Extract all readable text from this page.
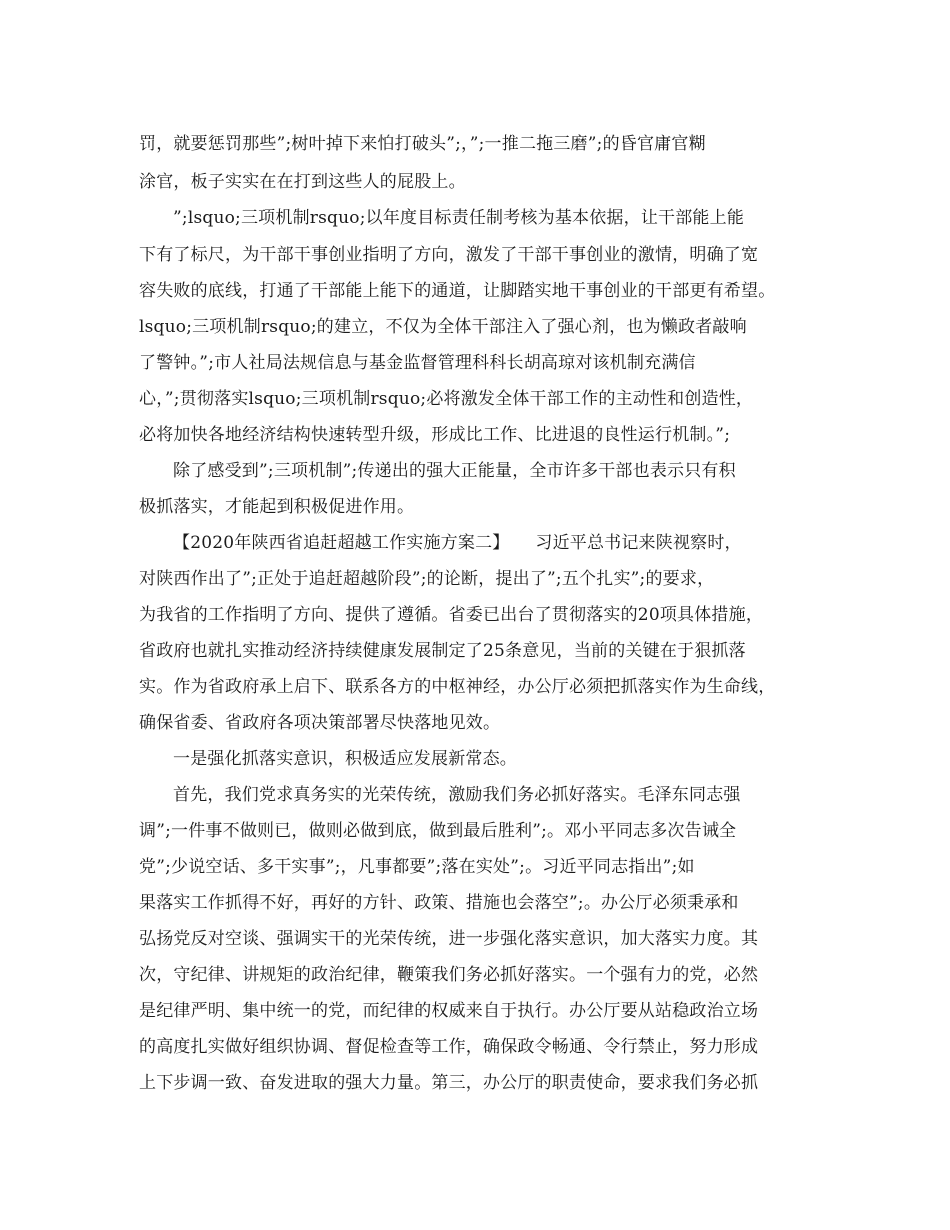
罚，就要惩罚那些”;树叶掉下来怕打破头”;，”;一推二拖三磨”;的昏官庸官糊

涂官，板子实实在在打到这些人的屁股上。

”;lsquo;三项机制rsquo;以年度目标责任制考核为基本依据，让干部能上能

下有了标尺，为干部干事创业指明了方向，激发了干部干事创业的激情，明确了宽

容失败的底线，打通了干部能上能下的通道，让脚踏实地干事创业的干部更有希望。

lsquo;三项机制rsquo;的建立，不仅为全体干部注入了强心剂，也为懒政者敲响

了警钟。”;市人社局法规信息与基金监督管理科科长胡高琼对该机制充满信

心，”;贯彻落实lsquo;三项机制rsquo;必将激发全体干部工作的主动性和创造性，

必将加快各地经济结构快速转型升级，形成比工作、比进退的良性运行机制。”;

除了感受到”;三项机制”;传递出的强大正能量，全市许多干部也表示只有积

极抓落实，才能起到积极促进作用。

【2020年陕西省追赶超越工作实施方案二】　　习近平总书记来陕视察时，

对陕西作出了”;正处于追赶超越阶段”;的论断，提出了”;五个扎实”;的要求，

为我省的工作指明了方向、提供了遵循。省委已出台了贯彻落实的20项具体措施，

省政府也就扎实推动经济持续健康发展制定了25条意见，当前的关键在于狠抓落

实。作为省政府承上启下、联系各方的中枢神经，办公厅必须把抓落实作为生命线，

确保省委、省政府各项决策部署尽快落地见效。

一是强化抓落实意识，积极适应发展新常态。

首先，我们党求真务实的光荣传统，激励我们务必抓好落实。毛泽东同志强

调”;一件事不做则已，做则必做到底，做到最后胜利”;。邓小平同志多次告诫全

党”;少说空话、多干实事”;，凡事都要”;落在实处”;。习近平同志指出”;如

果落实工作抓得不好，再好的方针、政策、措施也会落空”;。办公厅必须秉承和

弘扬党反对空谈、强调实干的光荣传统，进一步强化落实意识，加大落实力度。其

次，守纪律、讲规矩的政治纪律，鞭策我们务必抓好落实。一个强有力的党，必然

是纪律严明、集中统一的党，而纪律的权威来自于执行。办公厅要从站稳政治立场

的高度扎实做好组织协调、督促检查等工作，确保政令畅通、令行禁止，努力形成

上下步调一致、奋发进取的强大力量。第三，办公厅的职责使命，要求我们务必抓
